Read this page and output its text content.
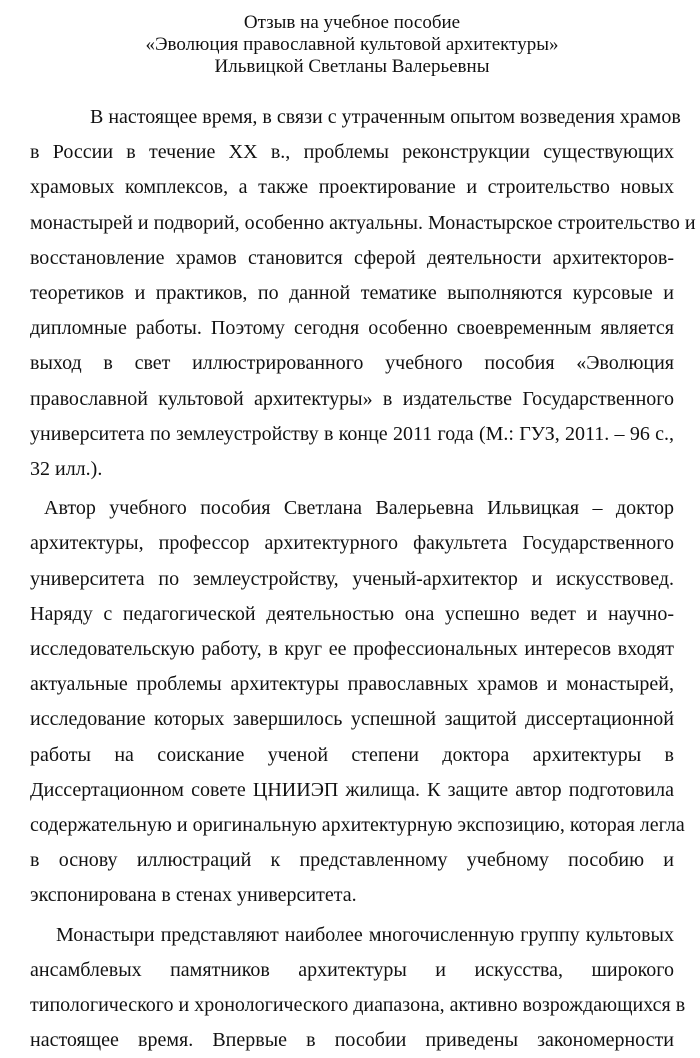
Отзыв на учебное пособие
«Эволюция православной культовой архитектуры»
Ильвицкой Светланы Валерьевны
В настоящее время, в связи с утраченным опытом возведения храмов
в России в течение XX в., проблемы реконструкции существующих
храмовых комплексов, а также проектирование и строительство новых
монастырей и подворий, особенно актуальны. Монастырское строительство и
восстановление храмов становится сферой деятельности архитекторов-
теоретиков и практиков, по данной тематике выполняются курсовые и
дипломные работы. Поэтому сегодня особенно своевременным является
выход в свет иллюстрированного учебного пособия «Эволюция
православной культовой архитектуры» в издательстве Государственного
университета по землеустройству в конце 2011 года (М.: ГУЗ, 2011. – 96 с.,
32 илл.).
Автор учебного пособия Светлана Валерьевна Ильвицкая – доктор
архитектуры, профессор архитектурного факультета Государственного
университета по землеустройству, ученый-архитектор и искусствовед.
Наряду с педагогической деятельностью она успешно ведет и научно-
исследовательскую работу, в круг ее профессиональных интересов входят
актуальные проблемы архитектуры православных храмов и монастырей,
исследование которых завершилось успешной защитой диссертационной
работы на соискание ученой степени доктора архитектуры в
Диссертационном совете ЦНИИЭП жилища. К защите автор подготовила
содержательную и оригинальную архитектурную экспозицию, которая легла
в основу иллюстраций к представленному учебному пособию и
экспонирована в стенах университета.
Монастыри представляют наиболее многочисленную группу культовых
ансамблевых памятников архитектуры и искусства, широкого
типологического и хронологического диапазона, активно возрождающихся в
настоящее время. Впервые в пособии приведены закономерности
